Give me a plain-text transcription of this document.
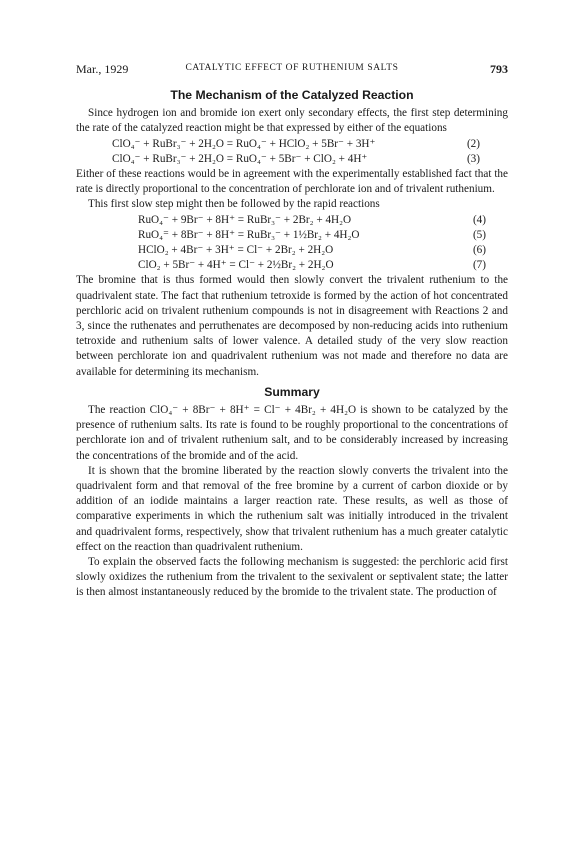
Mar., 1929	CATALYTIC EFFECT OF RUTHENIUM SALTS	793
The Mechanism of the Catalyzed Reaction

Since hydrogen ion and bromide ion exert only secondary effects, the first step determining the rate of the catalyzed reaction might be that expressed by either of the equations

ClO₄⁻ + RuBr₃⁻ + 2H₂O = RuO₄⁻ + HClO₂ + 5Br⁻ + 3H⁺	(2)
ClO₄⁻ + RuBr₃⁻ + 2H₂O = RuO₄⁻ + 5Br⁻ + ClO₂ + 4H⁺	(3)

Either of these reactions would be in agreement with the experimentally established fact that the rate is directly proportional to the concentration of perchlorate ion and of trivalent ruthenium.

This first slow step might then be followed by the rapid reactions

RuO₄⁻ + 9Br⁻ + 8H⁺ = RuBr₃⁻ + 2Br₂ + 4H₂O	(4)
RuO₄⁼ + 8Br⁻ + 8H⁺ = RuBr₃⁻ + 1½Br₂ + 4H₂O	(5)
HClO₂ + 4Br⁻ + 3H⁺ = Cl⁻ + 2Br₂ + 2H₂O	(6)
ClO₂ + 5Br⁻ + 4H⁺ = Cl⁻ + 2½Br₂ + 2H₂O	(7)

The bromine that is thus formed would then slowly convert the trivalent ruthenium to the quadrivalent state. The fact that ruthenium tetroxide is formed by the action of hot concentrated perchloric acid on trivalent ruthenium compounds is not in disagreement with Reactions 2 and 3, since the ruthenates and perruthenates are decomposed by non-reducing acids into ruthenium tetroxide and ruthenium salts of lower valence. A detailed study of the very slow reaction between perchlorate ion and quadrivalent ruthenium was not made and therefore no data are available for determining its mechanism.

Summary

The reaction ClO₄⁻ + 8Br⁻ + 8H⁺ = Cl⁻ + 4Br₂ + 4H₂O is shown to be catalyzed by the presence of ruthenium salts. Its rate is found to be roughly proportional to the concentrations of perchlorate ion and of trivalent ruthenium salt, and to be considerably increased by increasing the concentrations of the bromide and of the acid.

It is shown that the bromine liberated by the reaction slowly converts the trivalent into the quadrivalent form and that removal of the free bromine by a current of carbon dioxide or by addition of an iodide maintains a larger reaction rate. These results, as well as those of comparative experiments in which the ruthenium salt was initially introduced in the trivalent and quadrivalent forms, respectively, show that trivalent ruthenium has a much greater catalytic effect on the reaction than quadrivalent ruthenium.

To explain the observed facts the following mechanism is suggested: the perchloric acid first slowly oxidizes the ruthenium from the trivalent to the sexivalent or septivalent state; the latter is then almost instantaneously reduced by the bromide to the trivalent state. The production of
